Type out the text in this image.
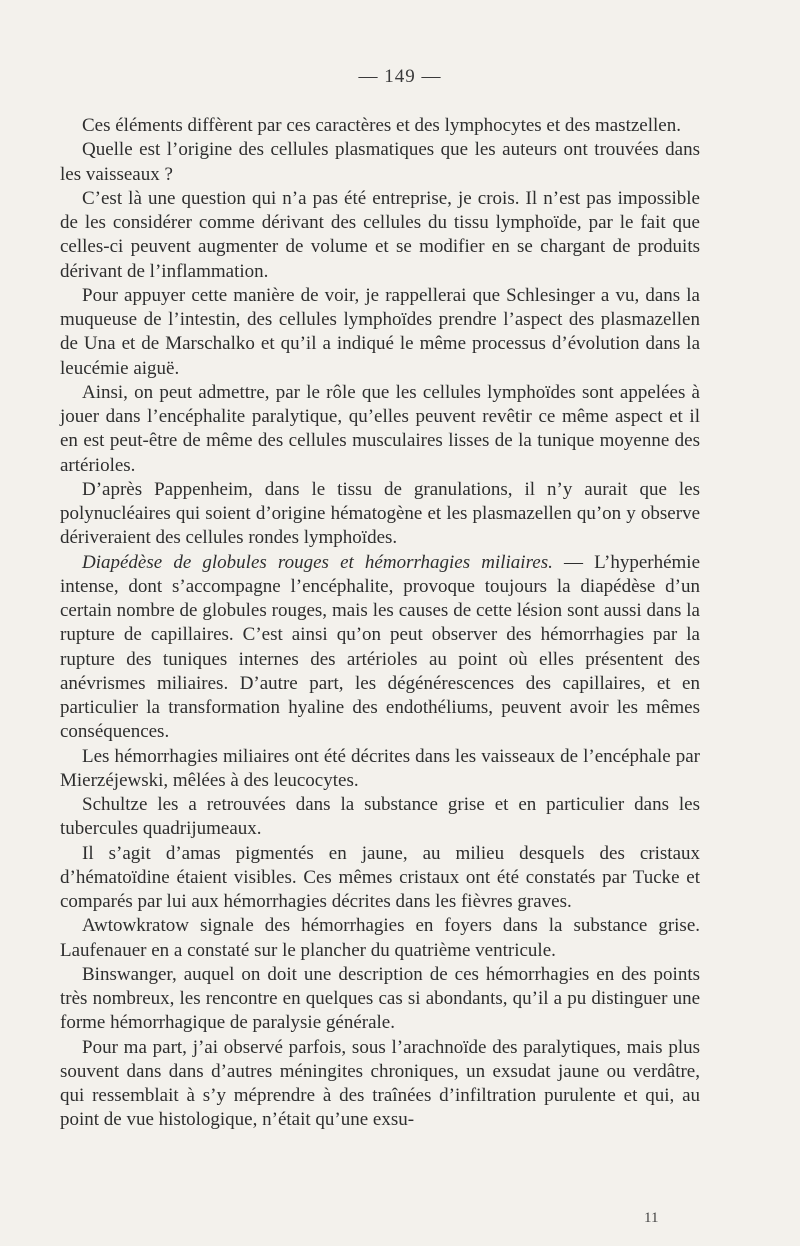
— 149 —

Ces éléments diffèrent par ces caractères et des lymphocytes et des mastzellen.

Quelle est l’origine des cellules plasmatiques que les auteurs ont trouvées dans les vaisseaux ?

C’est là une question qui n’a pas été entreprise, je crois. Il n’est pas impossible de les considérer comme dérivant des cellules du tissu lymphoïde, par le fait que celles-ci peuvent augmenter de volume et se modifier en se chargant de produits dérivant de l’inflammation.

Pour appuyer cette manière de voir, je rappellerai que Schlesinger a vu, dans la muqueuse de l’intestin, des cellules lymphoïdes prendre l’aspect des plasmazellen de Una et de Marschalko et qu’il a indiqué le même processus d’évolution dans la leucémie aiguë.

Ainsi, on peut admettre, par le rôle que les cellules lymphoïdes sont appelées à jouer dans l’encéphalite paralytique, qu’elles peuvent revêtir ce même aspect et il en est peut-être de même des cellules musculaires lisses de la tunique moyenne des artérioles.

D’après Pappenheim, dans le tissu de granulations, il n’y aurait que les polynucléaires qui soient d’origine hématogène et les plasmazellen qu’on y observe dériveraient des cellules rondes lymphoïdes.

Diapédèse de globules rouges et hémorrhagies miliaires. — L’hyperhémie intense, dont s’accompagne l’encéphalite, provoque toujours la diapédèse d’un certain nombre de globules rouges, mais les causes de cette lésion sont aussi dans la rupture de capillaires. C’est ainsi qu’on peut observer des hémorrhagies par la rupture des tuniques internes des artérioles au point où elles présentent des anévrismes miliaires. D’autre part, les dégénérescences des capillaires, et en particulier la transformation hyaline des endothéliums, peuvent avoir les mêmes conséquences.

Les hémorrhagies miliaires ont été décrites dans les vaisseaux de l’encéphale par Mierzéjewski, mêlées à des leucocytes.

Schultze les a retrouvées dans la substance grise et en particulier dans les tubercules quadrijumeaux.

Il s’agit d’amas pigmentés en jaune, au milieu desquels des cristaux d’hématoïdine étaient visibles. Ces mêmes cristaux ont été constatés par Tucke et comparés par lui aux hémorrhagies décrites dans les fièvres graves.

Awtowkratow signale des hémorrhagies en foyers dans la substance grise. Laufenauer en a constaté sur le plancher du quatrième ventricule.

Binswanger, auquel on doit une description de ces hémorrhagies en des points très nombreux, les rencontre en quelques cas si abondants, qu’il a pu distinguer une forme hémorrhagique de paralysie générale.

Pour ma part, j’ai observé parfois, sous l’arachnoïde des paralytiques, mais plus souvent dans dans d’autres méningites chroniques, un exsudat jaune ou verdâtre, qui ressemblait à s’y méprendre à des traînées d’infiltration purulente et qui, au point de vue histologique, n’était qu’une exsu-

11
